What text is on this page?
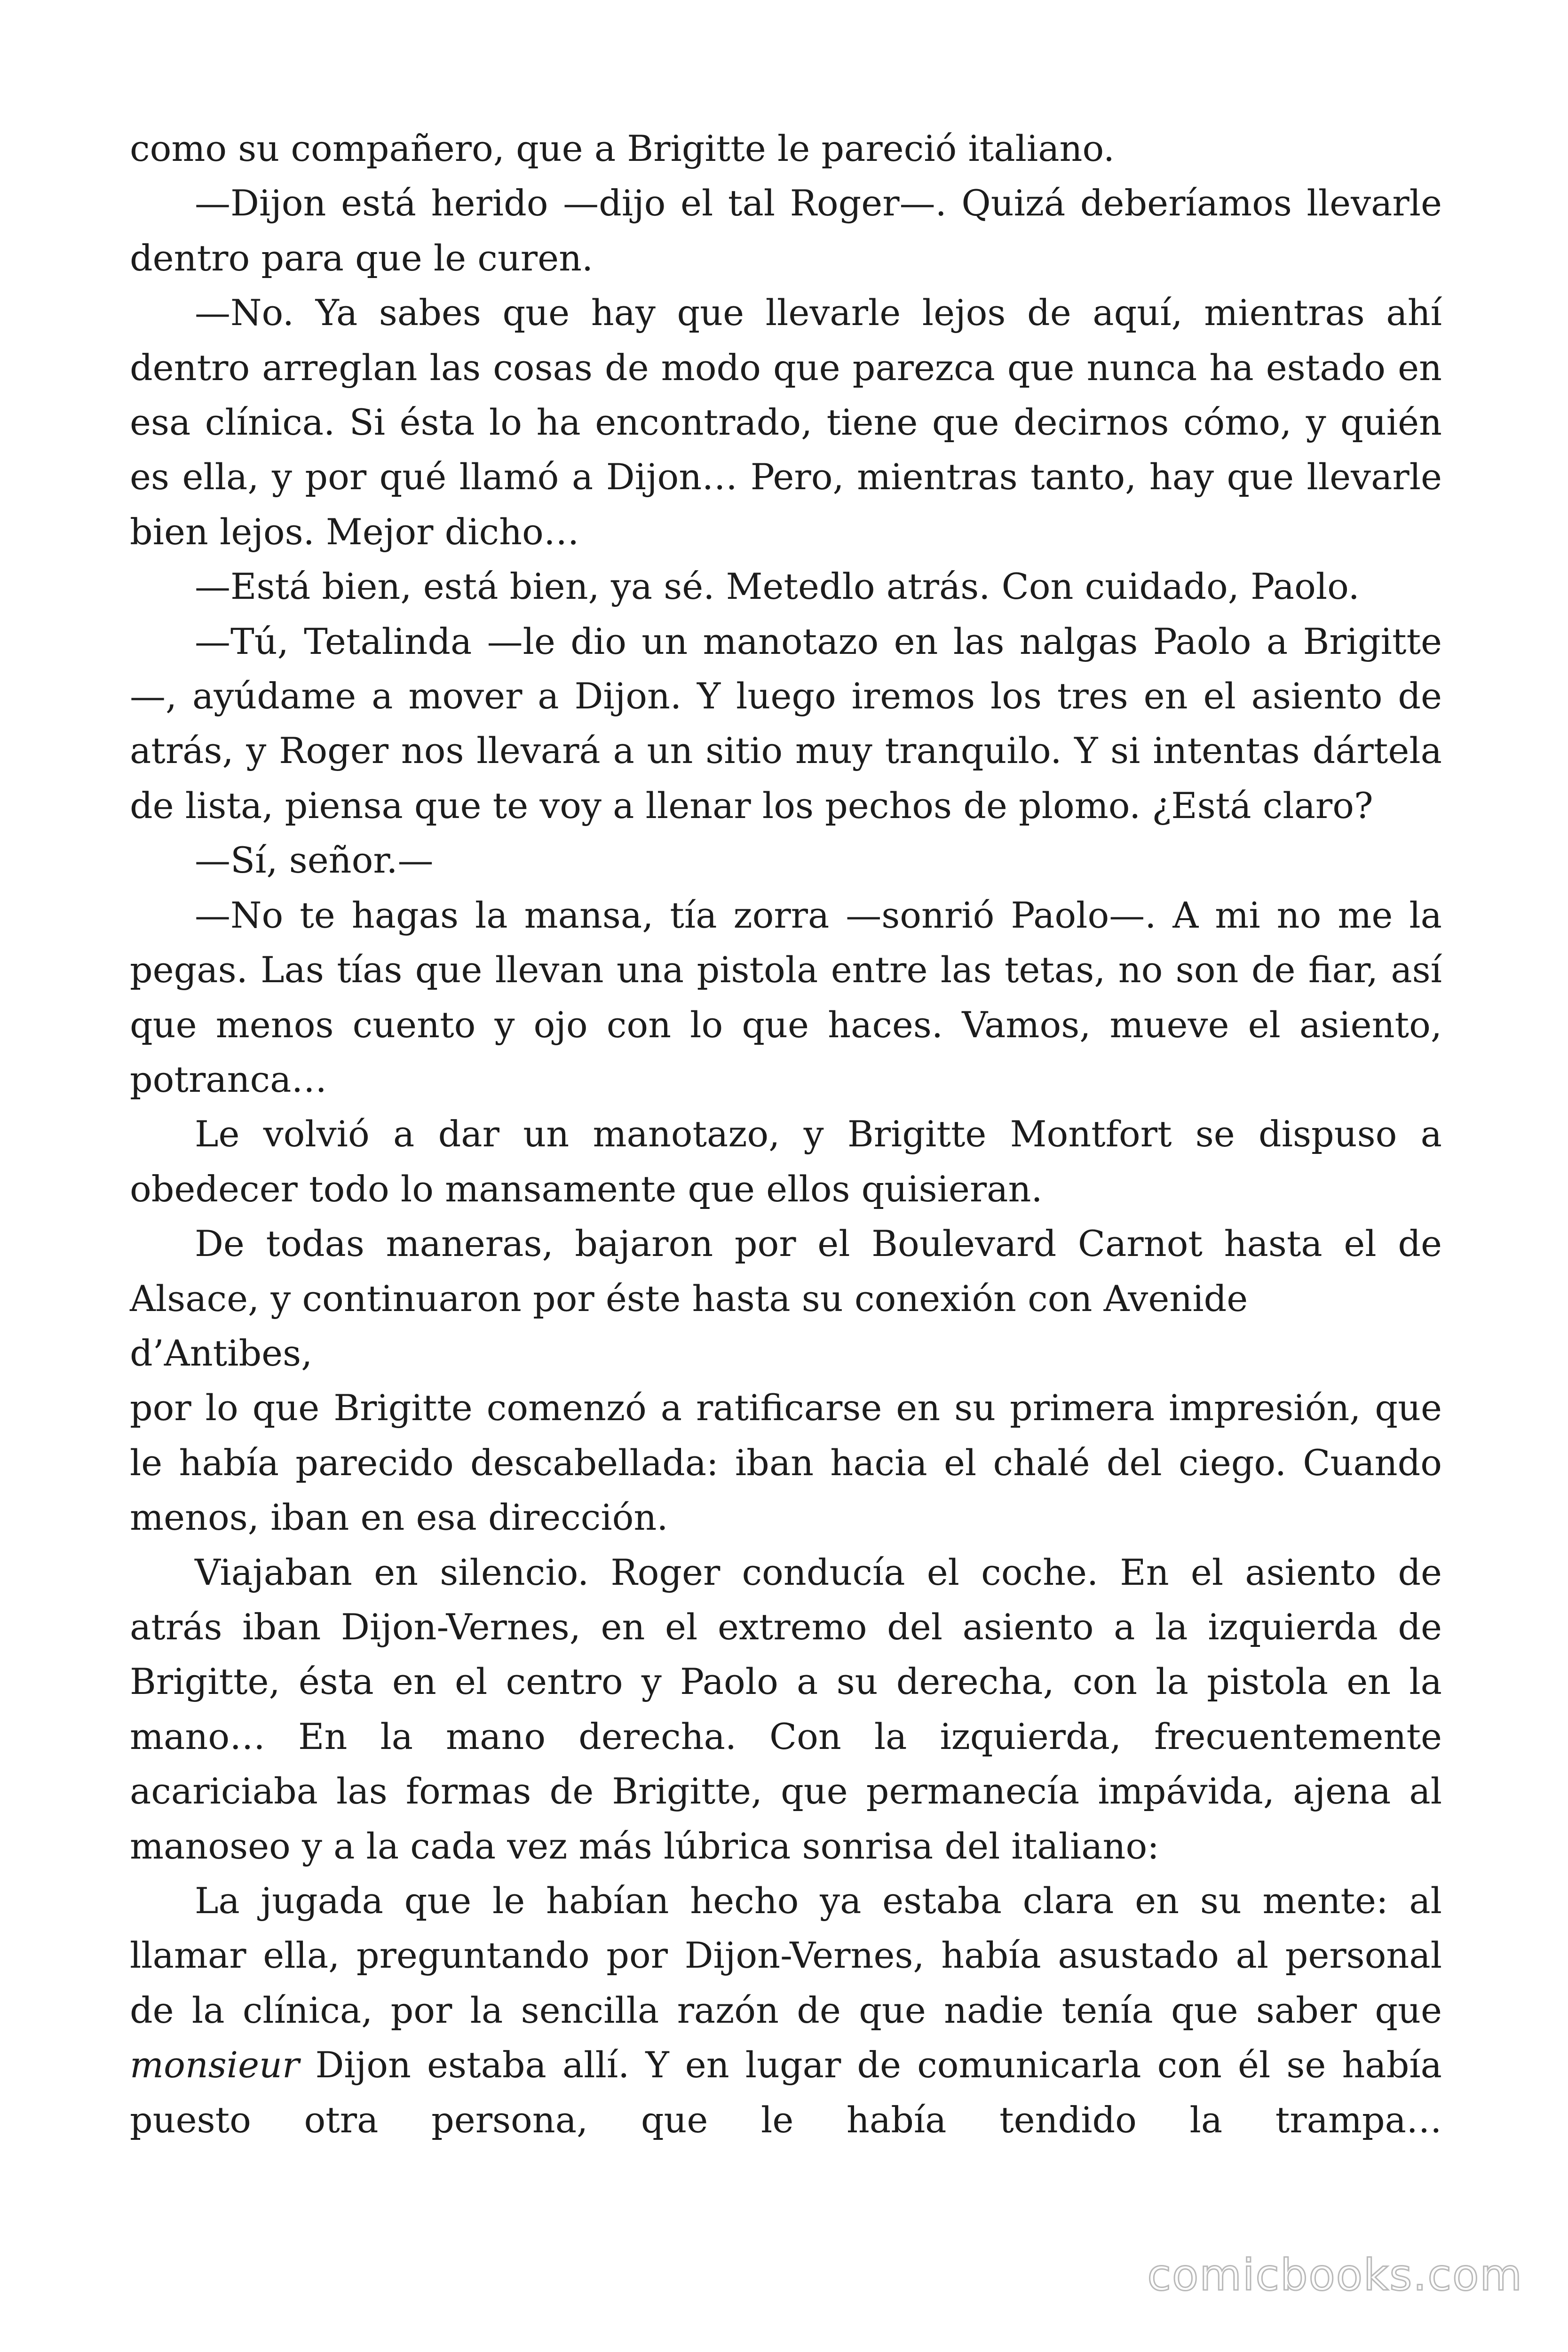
como su compañero, que a Brigitte le pareció italiano.

—Dijon está herido —dijo el tal Roger—. Quizá deberíamos llevarle dentro para que le curen.

—No. Ya sabes que hay que llevarle lejos de aquí, mientras ahí dentro arreglan las cosas de modo que parezca que nunca ha estado en esa clínica. Si ésta lo ha encontrado, tiene que decirnos cómo, y quién es ella, y por qué llamó a Dijon… Pero, mientras tanto, hay que llevarle bien lejos. Mejor dicho…

—Está bien, está bien, ya sé. Metedlo atrás. Con cuidado, Paolo.

—Tú, Tetalinda —le dio un manotazo en las nalgas Paolo a Brigitte—, ayúdame a mover a Dijon. Y luego iremos los tres en el asiento de atrás, y Roger nos llevará a un sitio muy tranquilo. Y si intentas dártela de lista, piensa que te voy a llenar los pechos de plomo. ¿Está claro?

—Sí, señor.—

—No te hagas la mansa, tía zorra —sonrió Paolo—. A mi no me la pegas. Las tías que llevan una pistola entre las tetas, no son de fiar, así que menos cuento y ojo con lo que haces. Vamos, mueve el asiento, potranca…

Le volvió a dar un manotazo, y Brigitte Montfort se dispuso a obedecer todo lo mansamente que ellos quisieran.

De todas maneras, bajaron por el Boulevard Carnot hasta el de Alsace, y continuaron por éste hasta su conexión con Avenide

d’Antibes,

por lo que Brigitte comenzó a ratificarse en su primera impresión, que le había parecido descabellada: iban hacia el chalé del ciego. Cuando menos, iban en esa dirección.

Viajaban en silencio. Roger conducía el coche. En el asiento de atrás iban Dijon-Vernes, en el extremo del asiento a la izquierda de Brigitte, ésta en el centro y Paolo a su derecha, con la pistola en la mano… En la mano derecha. Con la izquierda, frecuentemente acariciaba las formas de Brigitte, que permanecía impávida, ajena al manoseo y a la cada vez más lúbrica sonrisa del italiano:

La jugada que le habían hecho ya estaba clara en su mente: al llamar ella, preguntando por Dijon-Vernes, había asustado al personal de la clínica, por la sencilla razón de que nadie tenía que saber que monsieur Dijon estaba allí. Y en lugar de comunicarla con él se había puesto otra persona, que le había tendido la trampa…

comicbooks.com
